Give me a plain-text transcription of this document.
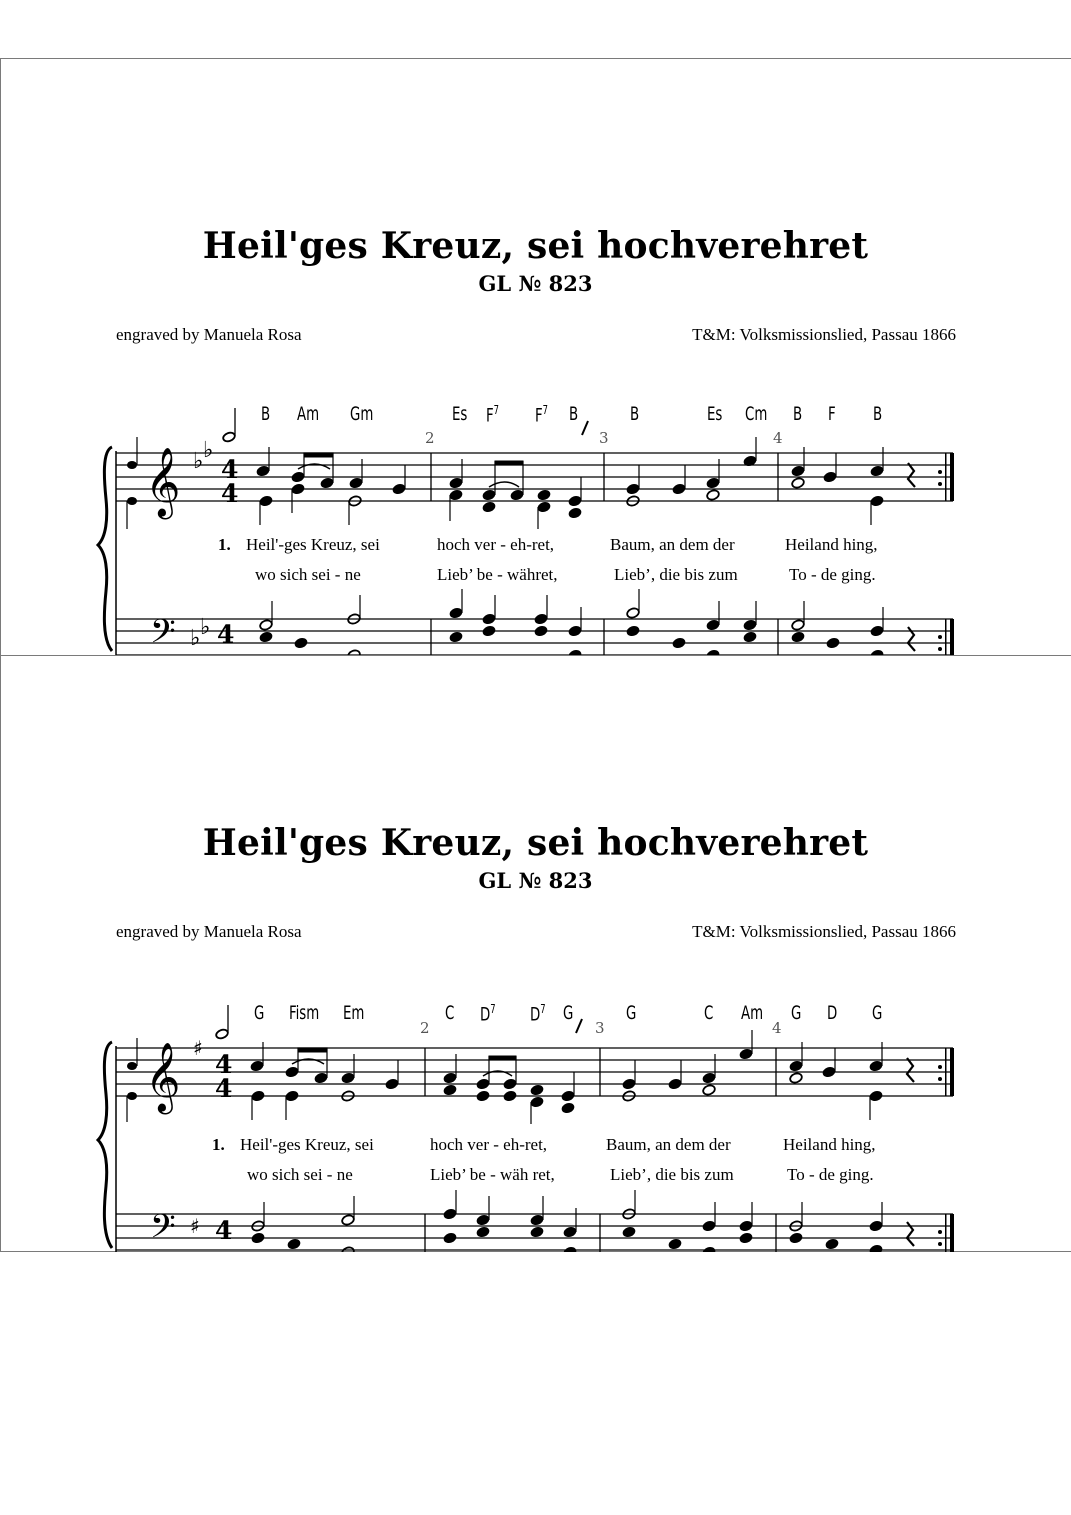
Heil'ges Kreuz, sei hochverehret
GL № 823
engraved by Manuela Rosa	T&M: Volksmissionslied, Passau 1866
B Am Gm	Es $F^7$ $F^7$ B	B	Es Cm B F B
2	3	4
1. Heil'-ges Kreuz, sei	hoch ver - eh-ret,	Baum, an dem der	Heiland hing,
wo sich sei - ne	Lieb’ be - währet,	Lieb’, die bis zum	To - de ging.
𝄞
𝄢
♭ ♭
♭ ♭
4
4
4
Heil'ges Kreuz, sei hochverehret
GL № 823
engraved by Manuela Rosa	T&M: Volksmissionslied, Passau 1866
G Fism Em	C $D^7$ $D^7$ G	G	C Am G D G
2	3	4
1. Heil'-ges Kreuz, sei	hoch ver - eh-ret,	Baum, an dem der	Heiland hing,
wo sich sei - ne	Lieb’ be - wäh ret,	Lieb’, die bis zum	To - de ging.
𝄞
𝄢
♯
♯
4
4
4
